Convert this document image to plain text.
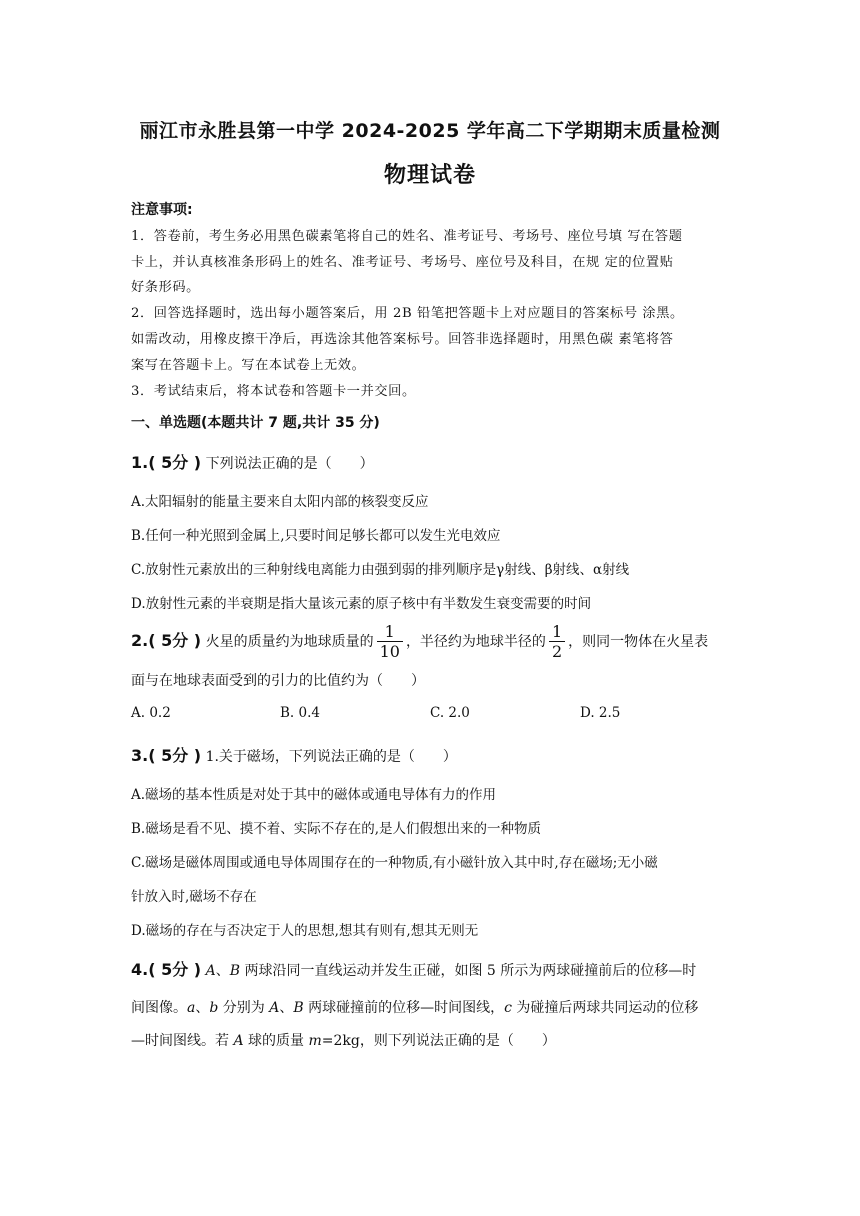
丽江市永胜县第一中学 2024-2025 学年高二下学期期末质量检测
物理试卷
注意事项:
1．答卷前，考生务必用黑色碳素笔将自己的姓名、准考证号、考场号、座位号填 写在答题
卡上，并认真核准条形码上的姓名、准考证号、考场号、座位号及科目，在规 定的位置贴
好条形码。
2．回答选择题时，选出每小题答案后，用 2B 铅笔把答题卡上对应题目的答案标号 涂黑。
如需改动，用橡皮擦干净后，再选涂其他答案标号。回答非选择题时，用黑色碳 素笔将答
案写在答题卡上。写在本试卷上无效。
3．考试结束后，将本试卷和答题卡一并交回。
一、单选题(本题共计 7 题,共计 35 分)
1.( 5分 ) 下列说法正确的是（　　）
A.太阳辐射的能量主要来自太阳内部的核裂变反应
B.任何一种光照到金属上,只要时间足够长都可以发生光电效应
C.放射性元素放出的三种射线电离能力由强到弱的排列顺序是γ射线、β射线、α射线
D.放射性元素的半衰期是指大量该元素的原子核中有半数发生衰变需要的时间
2.( 5分 ) 火星的质量约为地球质量的 $\frac{1}{10}$ ，半径约为地球半径的 $\frac{1}{2}$ ，则同一物体在火星表
面与在地球表面受到的引力的比值约为（　　）
A. 0.2	B. 0.4	C. 2.0	D. 2.5
3.( 5分 ) 1.关于磁场，下列说法正确的是（　　）
A.磁场的基本性质是对处于其中的磁体或通电导体有力的作用
B.磁场是看不见、摸不着、实际不存在的,是人们假想出来的一种物质
C.磁场是磁体周围或通电导体周围存在的一种物质,有小磁针放入其中时,存在磁场;无小磁
针放入时,磁场不存在
D.磁场的存在与否决定于人的思想,想其有则有,想其无则无
4.( 5分 ) A、B 两球沿同一直线运动并发生正碰，如图 5 所示为两球碰撞前后的位移—时
间图像。a、b 分别为 A、B 两球碰撞前的位移—时间图线，c 为碰撞后两球共同运动的位移
—时间图线。若 A 球的质量 m=2kg，则下列说法正确的是（　　）
